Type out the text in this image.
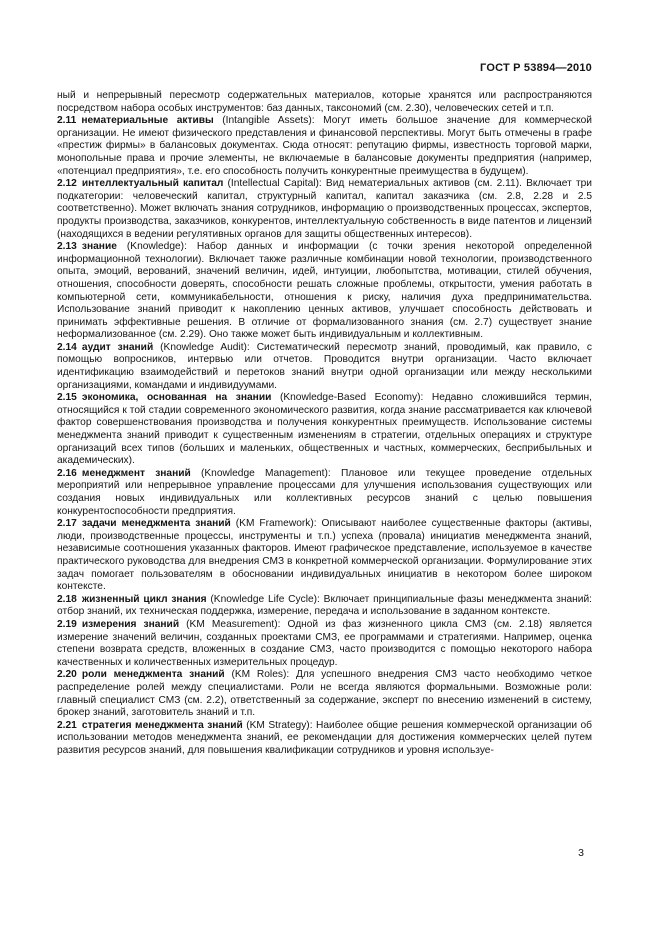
ГОСТ Р 53894—2010

ный и непрерывный пересмотр содержательных материалов, которые хранятся или распространяются посредством набора особых инструментов: баз данных, таксономий (см. 2.30), человеческих сетей и т.п.

2.11 нематериальные активы (Intangible Assets): Могут иметь большое значение для коммерческой организации. Не имеют физического представления и финансовой перспективы. Могут быть отмечены в графе «престиж фирмы» в балансовых документах. Сюда относят: репутацию фирмы, известность торговой марки, монопольные права и прочие элементы, не включаемые в балансовые документы предприятия (например, «потенциал предприятия», т.е. его способность получить конкурентные преимущества в будущем).

2.12 интеллектуальный капитал (Intellectual Capital): Вид нематериальных активов (см. 2.11). Включает три подкатегории: человеческий капитал, структурный капитал, капитал заказчика (см. 2.8, 2.28 и 2.5 соответственно). Может включать знания сотрудников, информацию о производственных процессах, экспертов, продукты производства, заказчиков, конкурентов, интеллектуальную собственность в виде патентов и лицензий (находящихся в ведении регулятивных органов для защиты общественных интересов).

2.13 знание (Knowledge): Набор данных и информации (с точки зрения некоторой определенной информационной технологии). Включает также различные комбинации новой технологии, производственного опыта, эмоций, верований, значений величин, идей, интуиции, любопытства, мотивации, стилей обучения, отношения, способности доверять, способности решать сложные проблемы, открытости, умения работать в компьютерной сети, коммуникабельности, отношения к риску, наличия духа предпринимательства. Использование знаний приводит к накоплению ценных активов, улучшает способность действовать и принимать эффективные решения. В отличие от формализованного знания (см. 2.7) существует знание неформализованное (см. 2.29). Оно также может быть индивидуальным и коллективным.

2.14 аудит знаний (Knowledge Audit): Систематический пересмотр знаний, проводимый, как правило, с помощью вопросников, интервью или отчетов. Проводится внутри организации. Часто включает идентификацию взаимодействий и перетоков знаний внутри одной организации или между несколькими организациями, командами и индивидуумами.

2.15 экономика, основанная на знании (Knowledge-Based Economy): Недавно сложившийся термин, относящийся к той стадии современного экономического развития, когда знание рассматривается как ключевой фактор совершенствования производства и получения конкурентных преимуществ. Использование системы менеджмента знаний приводит к существенным изменениям в стратегии, отдельных операциях и структуре организаций всех типов (больших и маленьких, общественных и частных, коммерческих, бесприбыльных и академических).

2.16 менеджмент знаний (Knowledge Management): Плановое или текущее проведение отдельных мероприятий или непрерывное управление процессами для улучшения использования существующих или создания новых индивидуальных или коллективных ресурсов знаний с целью повышения конкурентоспособности предприятия.

2.17 задачи менеджмента знаний (KM Framework): Описывают наиболее существенные факторы (активы, люди, производственные процессы, инструменты и т.п.) успеха (провала) инициатив менеджмента знаний, независимые соотношения указанных факторов. Имеют графическое представление, используемое в качестве практического руководства для внедрения СМЗ в конкретной коммерческой организации. Формулирование этих задач помогает пользователям в обосновании индивидуальных инициатив в некотором более широком контексте.

2.18 жизненный цикл знания (Knowledge Life Cycle): Включает принципиальные фазы менеджмента знаний: отбор знаний, их техническая поддержка, измерение, передача и использование в заданном контексте.

2.19 измерения знаний (KM Measurement): Одной из фаз жизненного цикла СМЗ (см. 2.18) является измерение значений величин, созданных проектами СМЗ, ее программами и стратегиями. Например, оценка степени возврата средств, вложенных в создание СМЗ, часто производится с помощью некоторого набора качественных и количественных измерительных процедур.

2.20 роли менеджмента знаний (KM Roles): Для успешного внедрения СМЗ часто необходимо четкое распределение ролей между специалистами. Роли не всегда являются формальными. Возможные роли: главный специалист СМЗ (см. 2.2), ответственный за содержание, эксперт по внесению изменений в систему, брокер знаний, заготовитель знаний и т.п.

2.21 стратегия менеджмента знаний (KM Strategy): Наиболее общие решения коммерческой организации об использовании методов менеджмента знаний, ее рекомендации для достижения коммерческих целей путем развития ресурсов знаний, для повышения квалификации сотрудников и уровня используе-

3
